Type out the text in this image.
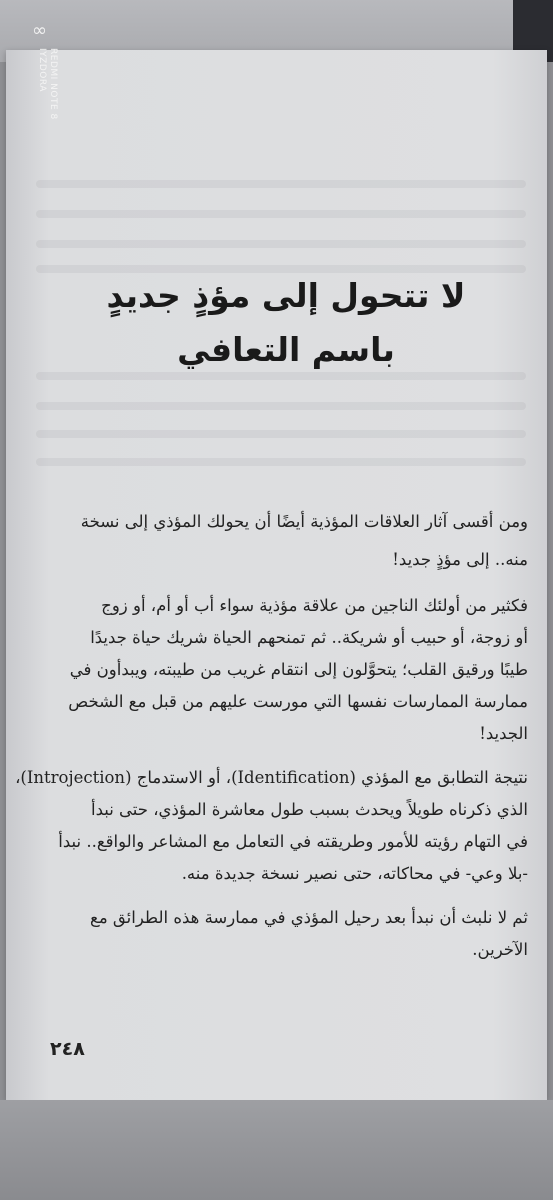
لا تتحول إلى مؤذٍ جديدٍ
باسم التعافي
ومن أقسى آثار العلاقات المؤذية أيضًا أن يحولك المؤذي إلى نسخة
منه.. إلى مؤذٍ جديد!
فكثير من أولئك الناجين من علاقة مؤذية سواء أب أو أم، أو زوج
أو زوجة، أو حبيب أو شريكة.. ثم تمنحهم الحياة شريك حياة جديدًا
طيبًا ورقيق القلب؛ يتحوَّلون إلى انتقام غريب من طيبته، ويبدأون في
ممارسة الممارسات نفسها التي مورست عليهم من قبل مع الشخص
الجديد!
نتيجة التطابق مع المؤذي (Identification)، أو الاستدماج (Introjection)،
الذي ذكرناه طويلاً ويحدث بسبب طول معاشرة المؤذي، حتى نبدأ
في التهام رؤيته للأمور وطريقته في التعامل مع المشاعر والواقع.. نبدأ
-بلا وعي- في محاكاته، حتى نصير نسخة جديدة منه.
ثم لا نلبث أن نبدأ بعد رحيل المؤذي في ممارسة هذه الطرائق مع
الآخرين.
٢٤٨
∞
REDMI NOTE 8
IYZDORA
